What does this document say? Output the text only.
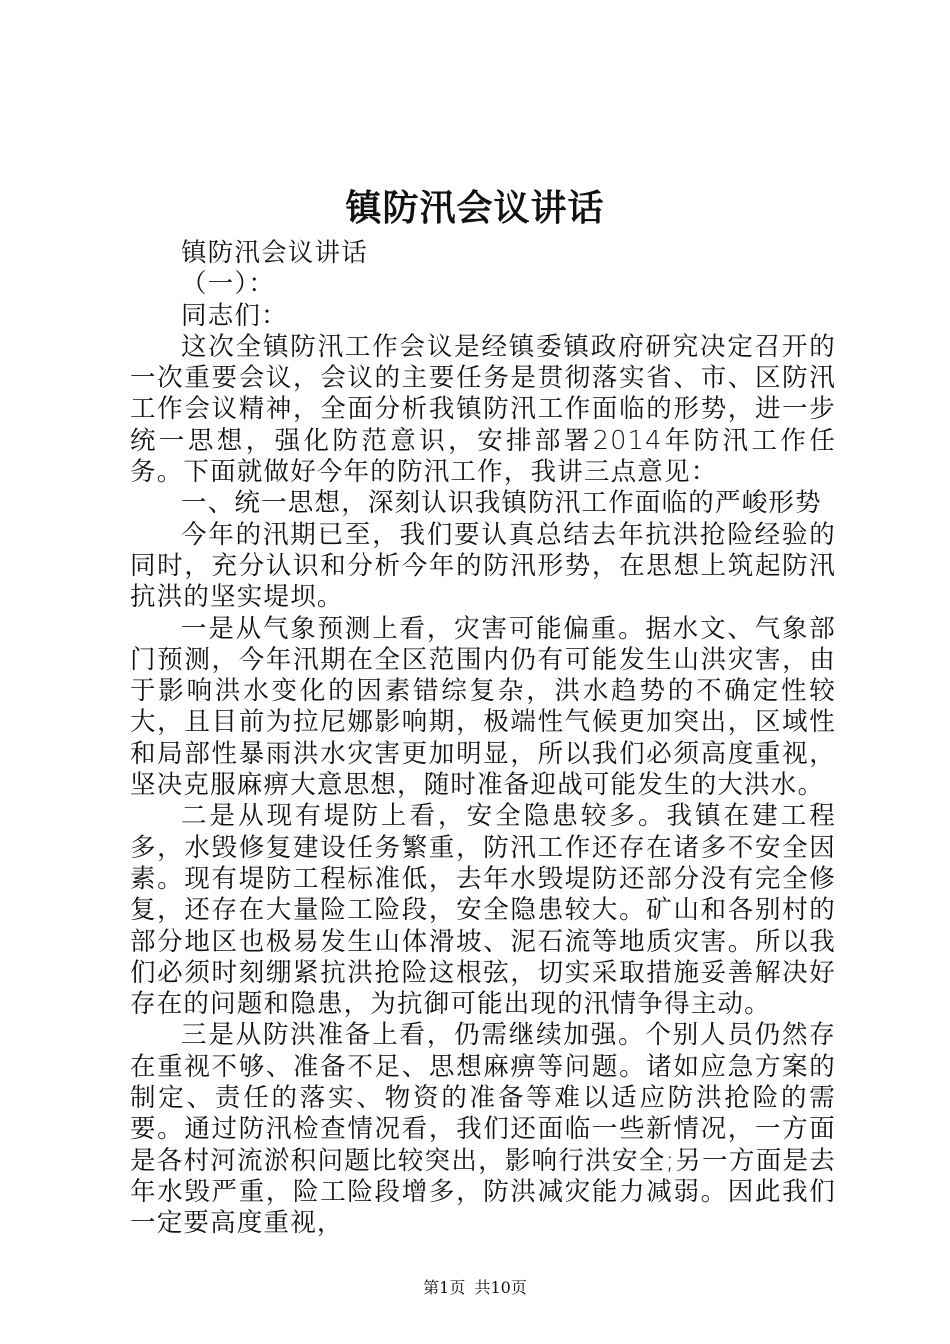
镇防汛会议讲话

镇防汛会议讲话

（一）：

同志们：

这次全镇防汛工作会议是经镇委镇政府研究决定召开的一次重要会议，会议的主要任务是贯彻落实省、市、区防汛工作会议精神，全面分析我镇防汛工作面临的形势，进一步统一思想，强化防范意识，安排部署2014年防汛工作任务。下面就做好今年的防汛工作，我讲三点意见：

一、统一思想，深刻认识我镇防汛工作面临的严峻形势

今年的汛期已至，我们要认真总结去年抗洪抢险经验的同时，充分认识和分析今年的防汛形势，在思想上筑起防汛抗洪的坚实堤坝。

一是从气象预测上看，灾害可能偏重。据水文、气象部门预测，今年汛期在全区范围内仍有可能发生山洪灾害，由于影响洪水变化的因素错综复杂，洪水趋势的不确定性较大，且目前为拉尼娜影响期，极端性气候更加突出，区域性和局部性暴雨洪水灾害更加明显，所以我们必须高度重视，坚决克服麻痹大意思想，随时准备迎战可能发生的大洪水。

二是从现有堤防上看，安全隐患较多。我镇在建工程多，水毁修复建设任务繁重，防汛工作还存在诸多不安全因素。现有堤防工程标准低，去年水毁堤防还部分没有完全修复，还存在大量险工险段，安全隐患较大。矿山和各别村的部分地区也极易发生山体滑坡、泥石流等地质灾害。所以我们必须时刻绷紧抗洪抢险这根弦，切实采取措施妥善解决好存在的问题和隐患，为抗御可能出现的汛情争得主动。

三是从防洪准备上看，仍需继续加强。个别人员仍然存在重视不够、准备不足、思想麻痹等问题。诸如应急方案的制定、责任的落实、物资的准备等难以适应防洪抢险的需要。通过防汛检查情况看，我们还面临一些新情况，一方面是各村河流淤积问题比较突出，影响行洪安全;另一方面是去年水毁严重，险工险段增多，防洪减灾能力减弱。因此我们一定要高度重视，

第1页 共10页
